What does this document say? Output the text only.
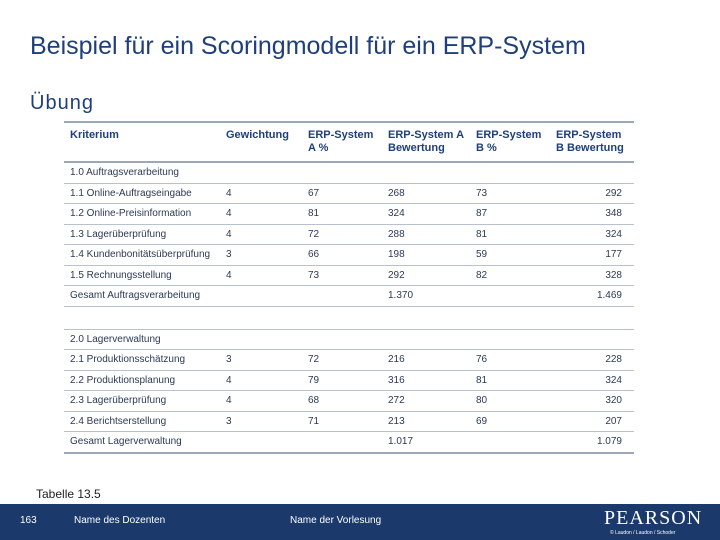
Beispiel für ein Scoringmodell für ein ERP-System
Übung
Kriterium	Gewichtung	ERP-System A %	ERP-System A Bewertung	ERP-System B %	ERP-System B Bewertung
1.0 Auftragsverarbeitung					
1.1 Online-Auftragseingabe	4	67	268	73	292
1.2 Online-Preisinformation	4	81	324	87	348
1.3 Lagerüberprüfung	4	72	288	81	324
1.4 Kundenbonitätsüberprüfung	3	66	198	59	177
1.5 Rechnungsstellung	4	73	292	82	328
Gesamt Auftragsverarbeitung			1.370		1.469

2.0 Lagerverwaltung					
2.1 Produktionsschätzung	3	72	216	76	228
2.2 Produktionsplanung	4	79	316	81	324
2.3 Lagerüberprüfung	4	68	272	80	320
2.4 Berichtserstellung	3	71	213	69	207
Gesamt Lagerverwaltung			1.017		1.079
Tabelle 13.5
163	Name des Dozenten	Name der Vorlesung	PEARSON
© Laudon / Laudon / Schoder
